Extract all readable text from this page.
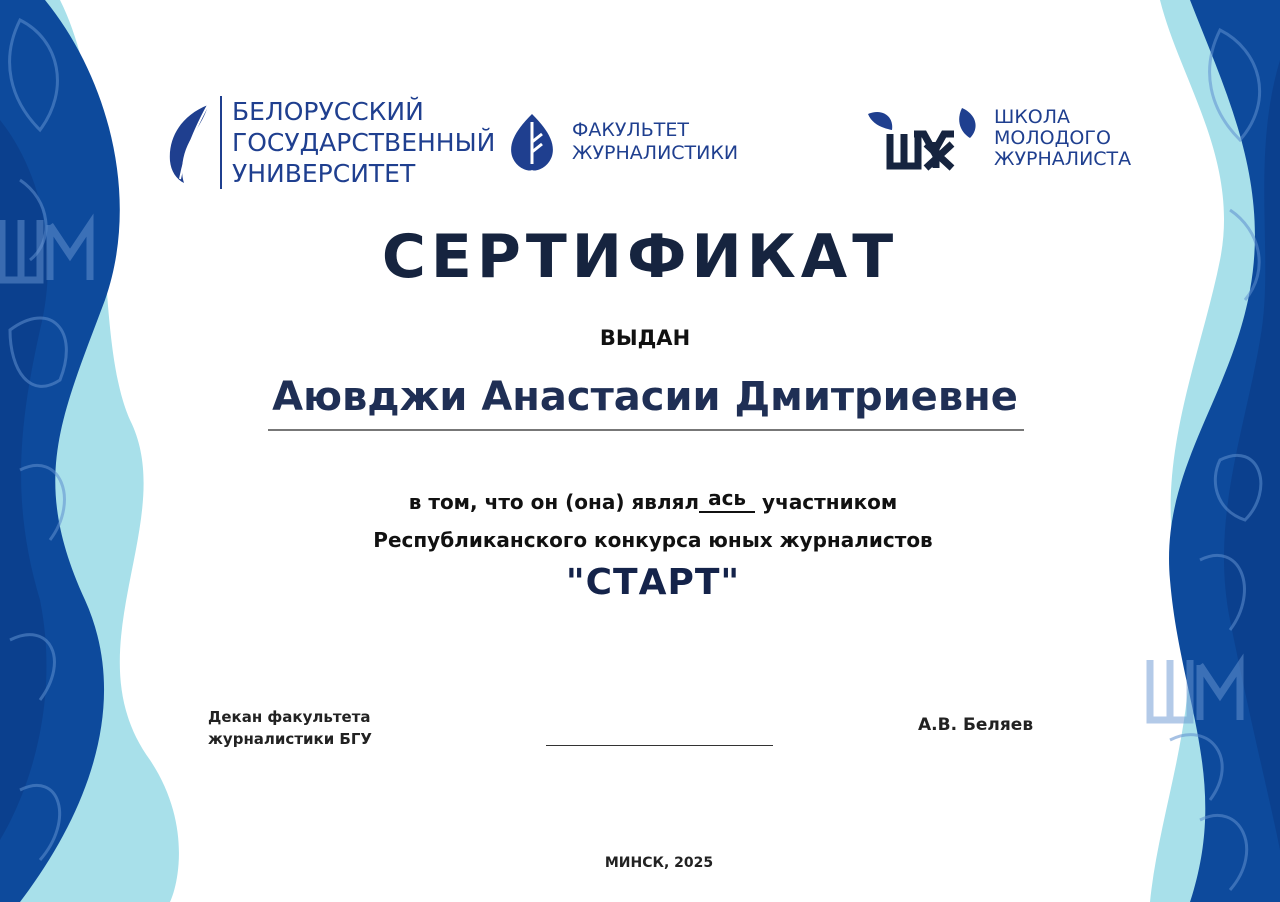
БЕЛОРУССКИЙ
ГОСУДАРСТВЕННЫЙ
УНИВЕРСИТЕТ
ФАКУЛЬТЕТ
ЖУРНАЛИСТИКИ
ШКОЛА
МОЛОДОГО
ЖУРНАЛИСТА
СЕРТИФИКАТ
ВЫДАН
Аювджи Анастасии Дмитриевне
в том, что он (она) являл ась участником
Республиканского конкурса юных журналистов
"СТАРТ"
Декан факультета
журналистики БГУ
А.В. Беляев
МИНСК, 2025
